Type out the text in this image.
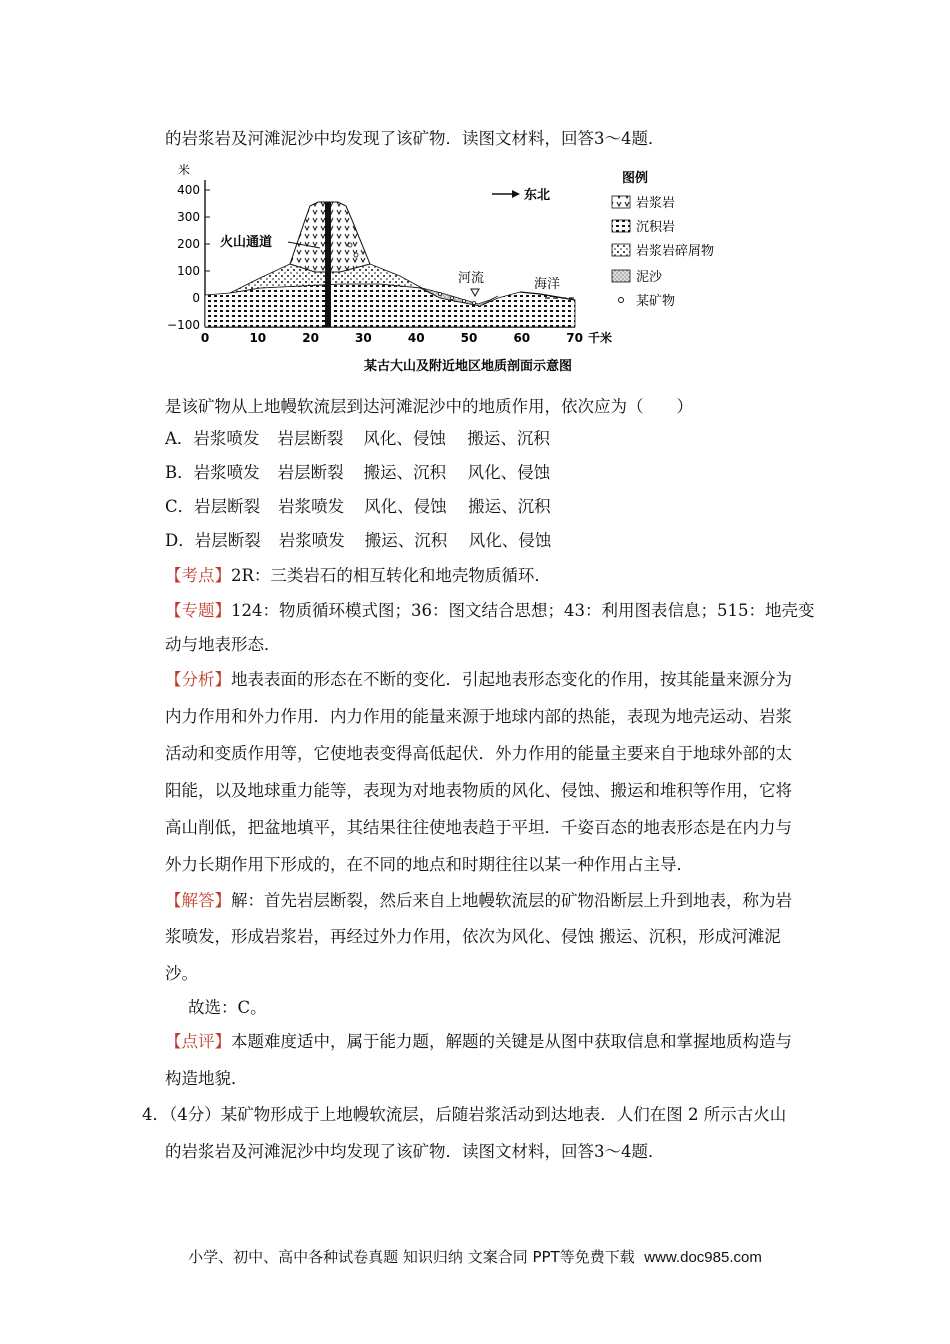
的岩浆岩及河滩泥沙中均发现了该矿物．读图文材料，回答3～4题．
米
400
300
200
100
0
−100
0	10	20	30	40	50	60	70 千米
火山通道
河流	海洋
东北
图例
岩浆岩
沉积岩
岩浆岩碎屑物
泥沙
某矿物
某古大山及附近地区地质剖面示意图
是该矿物从上地幔软流层到达河滩泥沙中的地质作用，依次应为（　　）
A．岩浆喷发 岩层断裂 风化、侵蚀 搬运、沉积
B．岩浆喷发 岩层断裂 搬运、沉积 风化、侵蚀
C．岩层断裂 岩浆喷发 风化、侵蚀 搬运、沉积
D．岩层断裂 岩浆喷发 搬运、沉积 风化、侵蚀
【考点】2R：三类岩石的相互转化和地壳物质循环．
【专题】124：物质循环模式图；36：图文结合思想；43：利用图表信息；515：地壳变
动与地表形态．
【分析】地表表面的形态在不断的变化．引起地表形态变化的作用，按其能量来源分为
内力作用和外力作用．内力作用的能量来源于地球内部的热能，表现为地壳运动、岩浆
活动和变质作用等，它使地表变得高低起伏．外力作用的能量主要来自于地球外部的太
阳能，以及地球重力能等，表现为对地表物质的风化、侵蚀、搬运和堆积等作用，它将
高山削低，把盆地填平，其结果往往使地表趋于平坦．千姿百态的地表形态是在内力与
外力长期作用下形成的，在不同的地点和时期往往以某一种作用占主导．
【解答】解：首先岩层断裂，然后来自上地幔软流层的矿物沿断层上升到地表，称为岩
浆喷发，形成岩浆岩，再经过外力作用，依次为风化、侵蚀 搬运、沉积，形成河滩泥
沙。
故选：C。
【点评】本题难度适中，属于能力题，解题的关键是从图中获取信息和掌握地质构造与
构造地貌．
4．（4分）某矿物形成于上地幔软流层，后随岩浆活动到达地表．人们在图 2 所示古火山
的岩浆岩及河滩泥沙中均发现了该矿物．读图文材料，回答3～4题．
小学、初中、高中各种试卷真题 知识归纳 文案合同 PPT等免费下载 www.doc985.com
